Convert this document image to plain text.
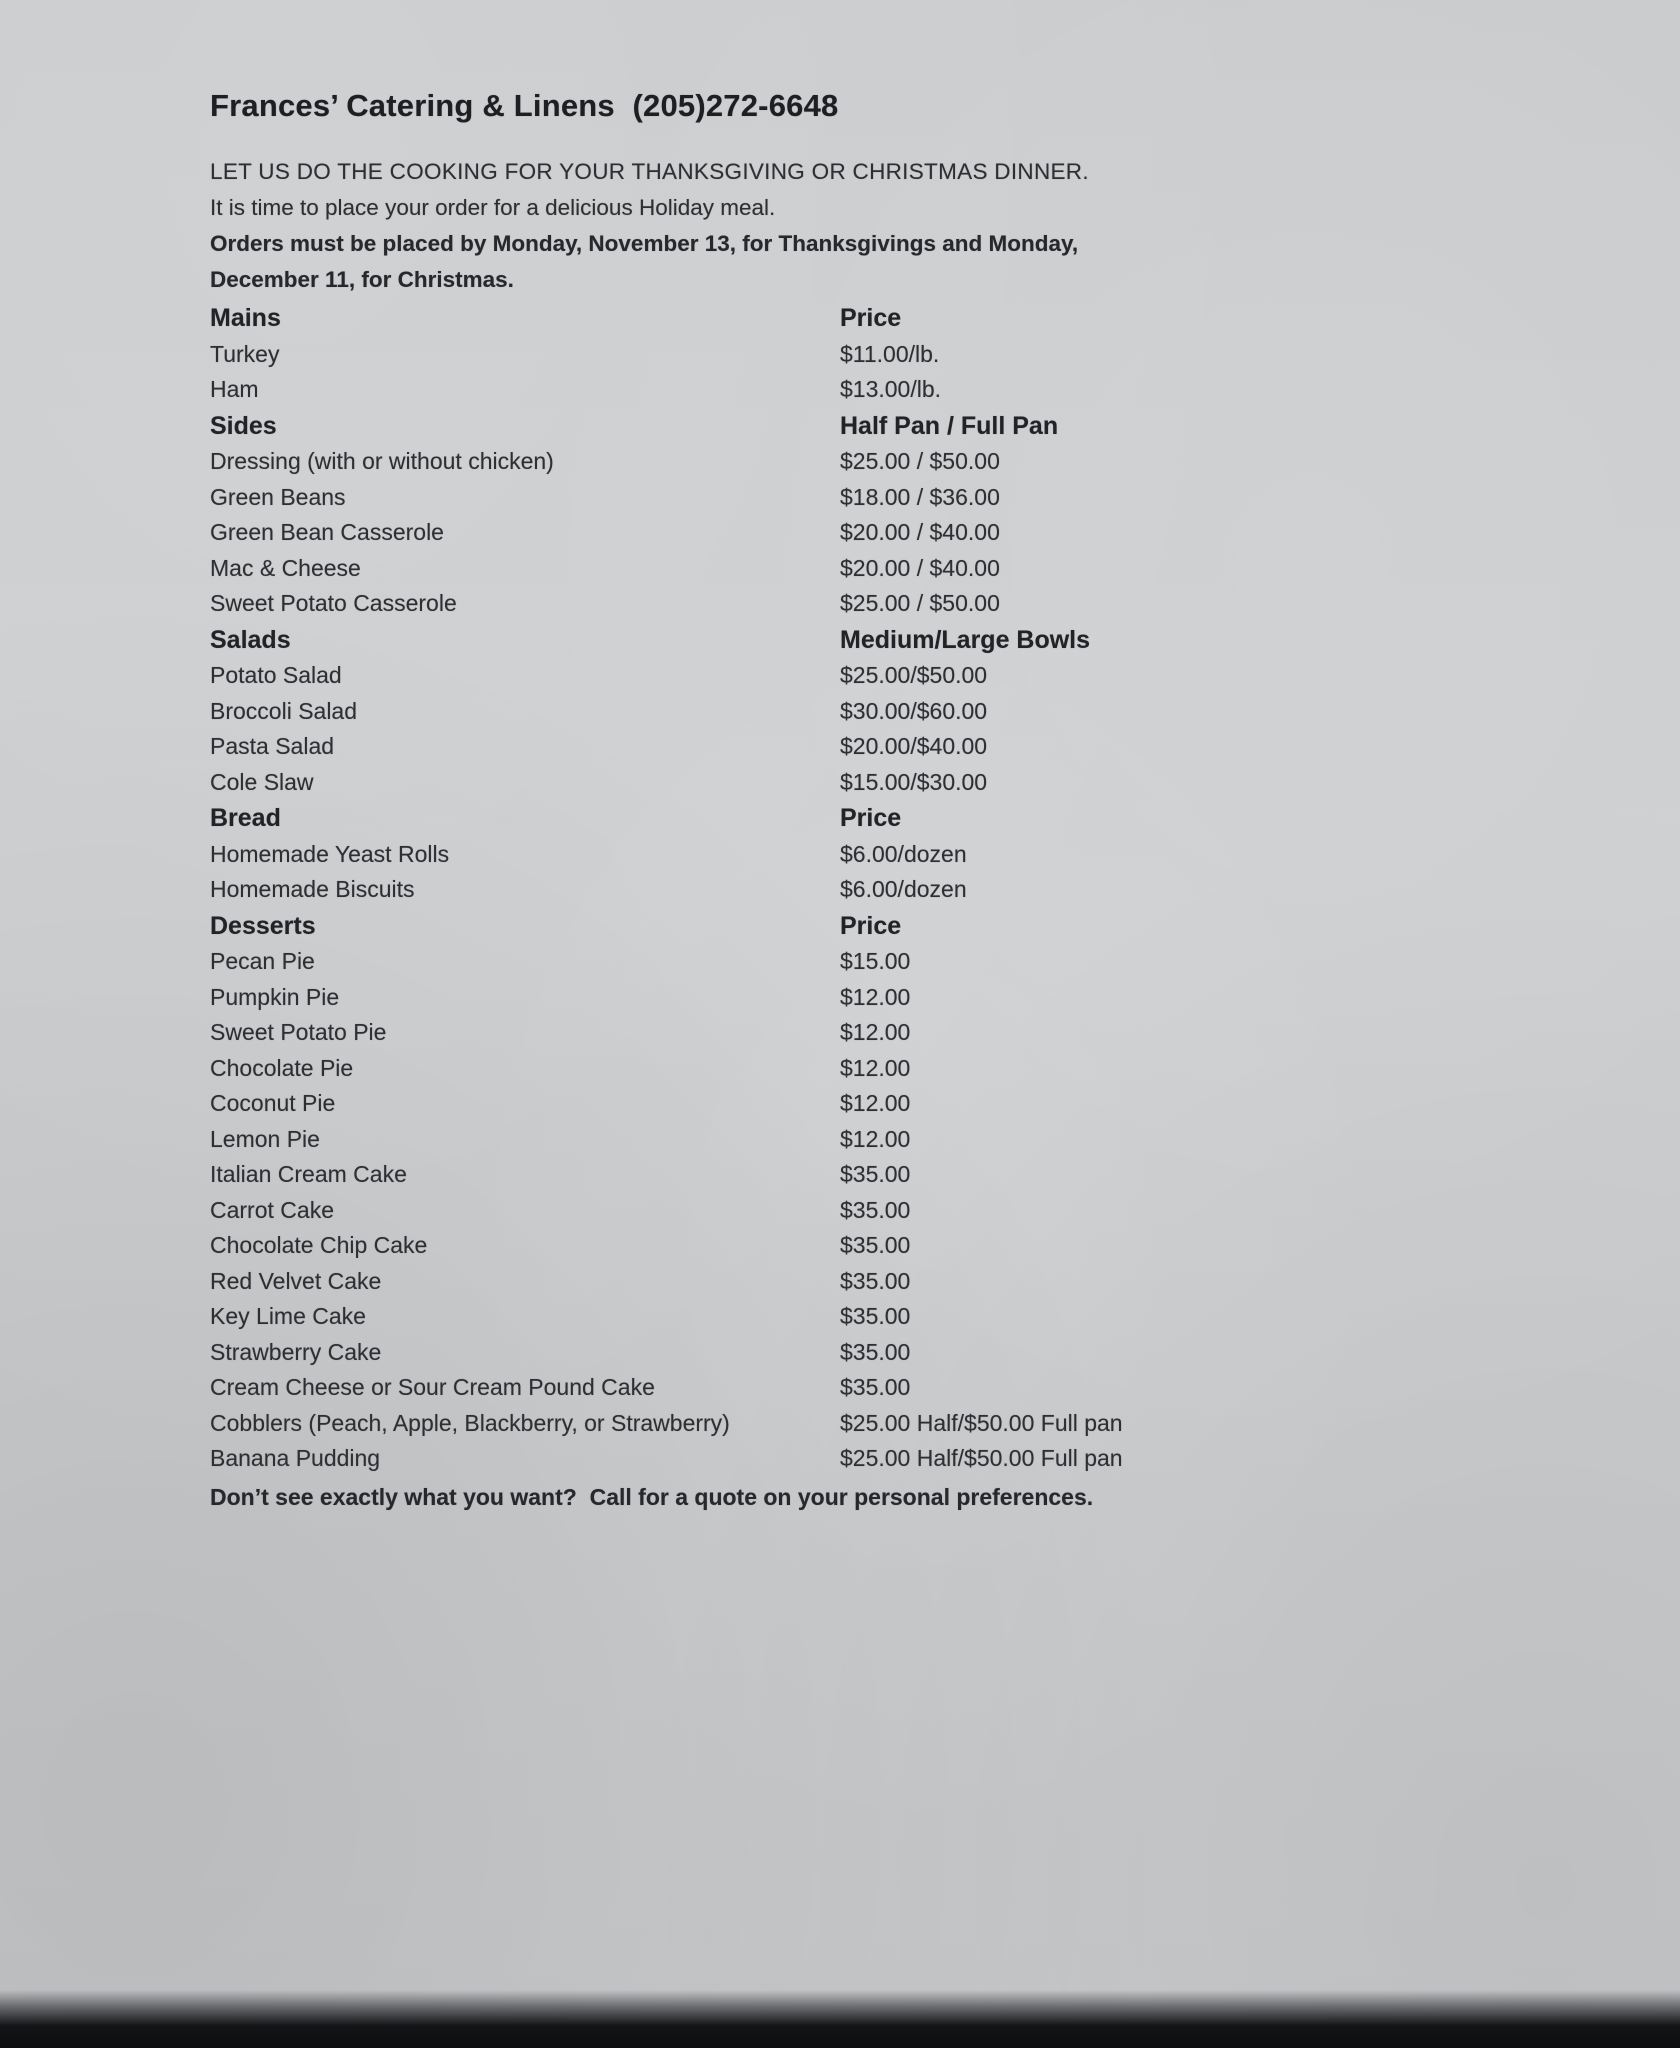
Frances’ Catering & Linens  (205)272-6648

LET US DO THE COOKING FOR YOUR THANKSGIVING OR CHRISTMAS DINNER.

It is time to place your order for a delicious Holiday meal.

Orders must be placed by Monday, November 13, for Thanksgivings and Monday, December 11, for Christmas.

Mains	Price
Turkey	$11.00/lb.
Ham	$13.00/lb.
Sides	Half Pan / Full Pan
Dressing (with or without chicken)	$25.00 / $50.00
Green Beans	$18.00 / $36.00
Green Bean Casserole	$20.00 / $40.00
Mac & Cheese	$20.00 / $40.00
Sweet Potato Casserole	$25.00 / $50.00
Salads	Medium/Large Bowls
Potato Salad	$25.00/$50.00
Broccoli Salad	$30.00/$60.00
Pasta Salad	$20.00/$40.00
Cole Slaw	$15.00/$30.00
Bread	Price
Homemade Yeast Rolls	$6.00/dozen
Homemade Biscuits	$6.00/dozen
Desserts	Price
Pecan Pie	$15.00
Pumpkin Pie	$12.00
Sweet Potato Pie	$12.00
Chocolate Pie	$12.00
Coconut Pie	$12.00
Lemon Pie	$12.00
Italian Cream Cake	$35.00
Carrot Cake	$35.00
Chocolate Chip Cake	$35.00
Red Velvet Cake	$35.00
Key Lime Cake	$35.00
Strawberry Cake	$35.00
Cream Cheese or Sour Cream Pound Cake	$35.00
Cobblers (Peach, Apple, Blackberry, or Strawberry)	$25.00 Half/$50.00 Full pan
Banana Pudding	$25.00 Half/$50.00 Full pan

Don’t see exactly what you want?  Call for a quote on your personal preferences.
